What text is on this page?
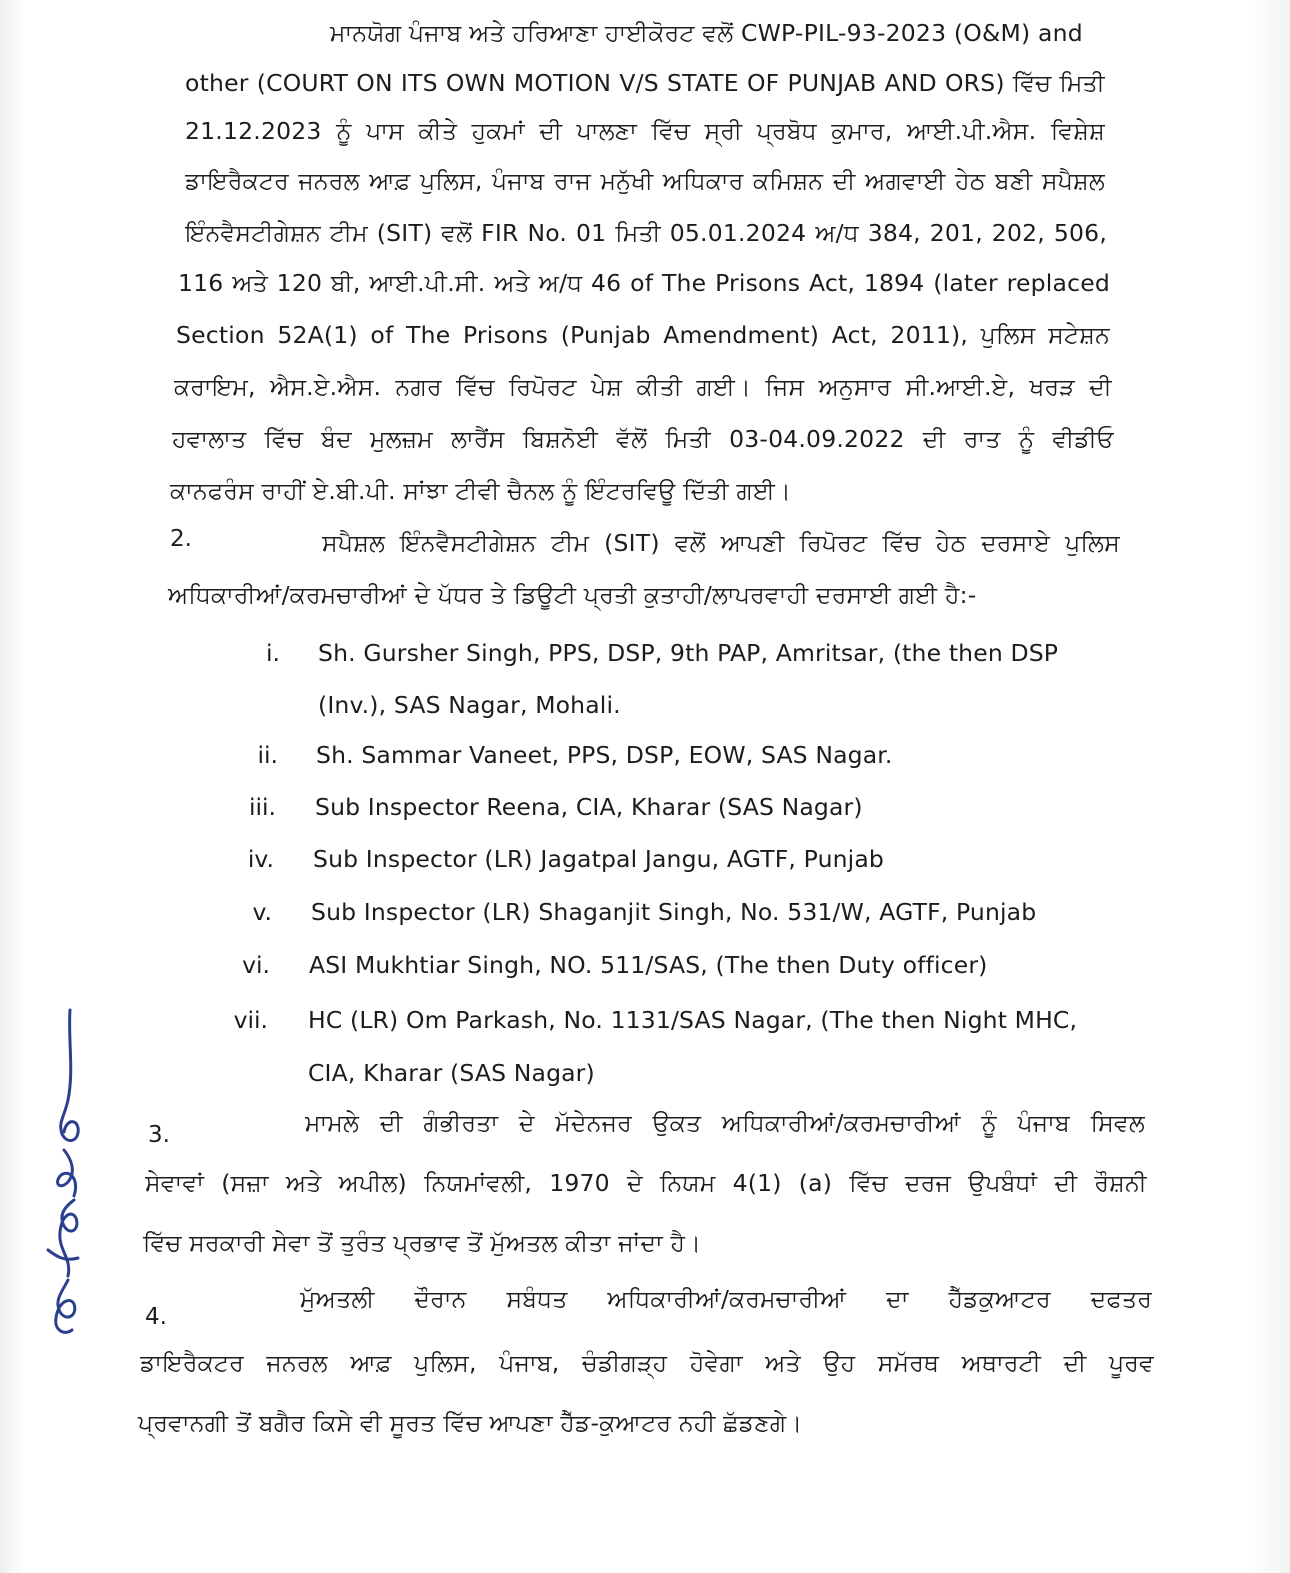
ਮਾਨਯੋਗ ਪੰਜਾਬ ਅਤੇ ਹਰਿਆਣਾ ਹਾਈਕੋਰਟ ਵਲੋਂ CWP-PIL-93-2023 (O&M) and
other (COURT ON ITS OWN MOTION V/S STATE OF PUNJAB AND ORS) ਵਿੱਚ ਮਿਤੀ
21.12.2023 ਨੂੰ ਪਾਸ ਕੀਤੇ ਹੁਕਮਾਂ ਦੀ ਪਾਲਣਾ ਵਿੱਚ ਸ੍ਰੀ ਪ੍ਰਬੋਧ ਕੁਮਾਰ, ਆਈ.ਪੀ.ਐਸ. ਵਿਸ਼ੇਸ਼
ਡਾਇਰੈਕਟਰ ਜਨਰਲ ਆਫ਼ ਪੁਲਿਸ, ਪੰਜਾਬ ਰਾਜ ਮਨੁੱਖੀ ਅਧਿਕਾਰ ਕਮਿਸ਼ਨ ਦੀ ਅਗਵਾਈ ਹੇਠ ਬਣੀ ਸਪੈਸ਼ਲ
ਇੰਨਵੈਸਟੀਗੇਸ਼ਨ ਟੀਮ (SIT) ਵਲੋਂ FIR No. 01 ਮਿਤੀ 05.01.2024 ਅ/ਧ 384, 201, 202, 506,
116 ਅਤੇ 120 ਬੀ, ਆਈ.ਪੀ.ਸੀ. ਅਤੇ ਅ/ਧ 46 of The Prisons Act, 1894 (later replaced
Section 52A(1) of The Prisons (Punjab Amendment) Act, 2011), ਪੁਲਿਸ ਸਟੇਸ਼ਨ
ਕਰਾਇਮ, ਐਸ.ਏ.ਐਸ. ਨਗਰ ਵਿੱਚ ਰਿਪੋਰਟ ਪੇਸ਼ ਕੀਤੀ ਗਈ। ਜਿਸ ਅਨੁਸਾਰ ਸੀ.ਆਈ.ਏ, ਖਰੜ ਦੀ
ਹਵਾਲਾਤ ਵਿੱਚ ਬੰਦ ਮੁਲਜ਼ਮ ਲਾਰੈਂਸ ਬਿਸ਼ਨੋਈ ਵੱਲੋਂ ਮਿਤੀ 03-04.09.2022 ਦੀ ਰਾਤ ਨੂੰ ਵੀਡੀਓ
ਕਾਨਫਰੰਸ ਰਾਹੀਂ ਏ.ਬੀ.ਪੀ. ਸਾਂਝਾ ਟੀਵੀ ਚੈਨਲ ਨੂੰ ਇੰਟਰਵਿਊ ਦਿੱਤੀ ਗਈ।
2.	ਸਪੈਸ਼ਲ ਇੰਨਵੈਸਟੀਗੇਸ਼ਨ ਟੀਮ (SIT) ਵਲੋਂ ਆਪਣੀ ਰਿਪੋਰਟ ਵਿੱਚ ਹੇਠ ਦਰਸਾਏ ਪੁਲਿਸ
ਅਧਿਕਾਰੀਆਂ/ਕਰਮਚਾਰੀਆਂ ਦੇ ਪੱਧਰ ਤੇ ਡਿਊਟੀ ਪ੍ਰਤੀ ਕੁਤਾਹੀ/ਲਾਪਰਵਾਹੀ ਦਰਸਾਈ ਗਈ ਹੈ:-
i. Sh. Gursher Singh, PPS, DSP, 9th PAP, Amritsar, (the then DSP
(Inv.), SAS Nagar, Mohali.
ii. Sh. Sammar Vaneet, PPS, DSP, EOW, SAS Nagar.
iii. Sub Inspector Reena, CIA, Kharar (SAS Nagar)
iv. Sub Inspector (LR) Jagatpal Jangu, AGTF, Punjab
v. Sub Inspector (LR) Shaganjit Singh, No. 531/W, AGTF, Punjab
vi. ASI Mukhtiar Singh, NO. 511/SAS, (The then Duty officer)
vii. HC (LR) Om Parkash, No. 1131/SAS Nagar, (The then Night MHC,
CIA, Kharar (SAS Nagar)
3.	ਮਾਮਲੇ ਦੀ ਗੰਭੀਰਤਾ ਦੇ ਮੱਦੇਨਜਰ ਉਕਤ ਅਧਿਕਾਰੀਆਂ/ਕਰਮਚਾਰੀਆਂ ਨੂੰ ਪੰਜਾਬ ਸਿਵਲ
ਸੇਵਾਵਾਂ (ਸਜ਼ਾ ਅਤੇ ਅਪੀਲ) ਨਿਯਮਾਂਵਲੀ, 1970 ਦੇ ਨਿਯਮ 4(1) (a) ਵਿੱਚ ਦਰਜ ਉਪਬੰਧਾਂ ਦੀ ਰੌਸ਼ਨੀ
ਵਿੱਚ ਸਰਕਾਰੀ ਸੇਵਾ ਤੋਂ ਤੁਰੰਤ ਪ੍ਰਭਾਵ ਤੋਂ ਮੁੱਅਤਲ ਕੀਤਾ ਜਾਂਦਾ ਹੈ।
4.
ਮੁੱਅਤਲੀ ਦੌਰਾਨ ਸਬੰਧਤ ਅਧਿਕਾਰੀਆਂ/ਕਰਮਚਾਰੀਆਂ ਦਾ ਹੈੱਡਕੁਆਟਰ ਦਫਤਰ
ਡਾਇਰੈਕਟਰ ਜਨਰਲ ਆਫ਼ ਪੁਲਿਸ, ਪੰਜਾਬ, ਚੰਡੀਗੜ੍ਹ ਹੋਵੇਗਾ ਅਤੇ ਉਹ ਸਮੱਰਥ ਅਥਾਰਟੀ ਦੀ ਪੂਰਵ
ਪ੍ਰਵਾਨਗੀ ਤੋਂ ਬਗੈਰ ਕਿਸੇ ਵੀ ਸੂਰਤ ਵਿੱਚ ਆਪਣਾ ਹੈੱਡ-ਕੁਆਟਰ ਨਹੀ ਛੱਡਣਗੇ।
